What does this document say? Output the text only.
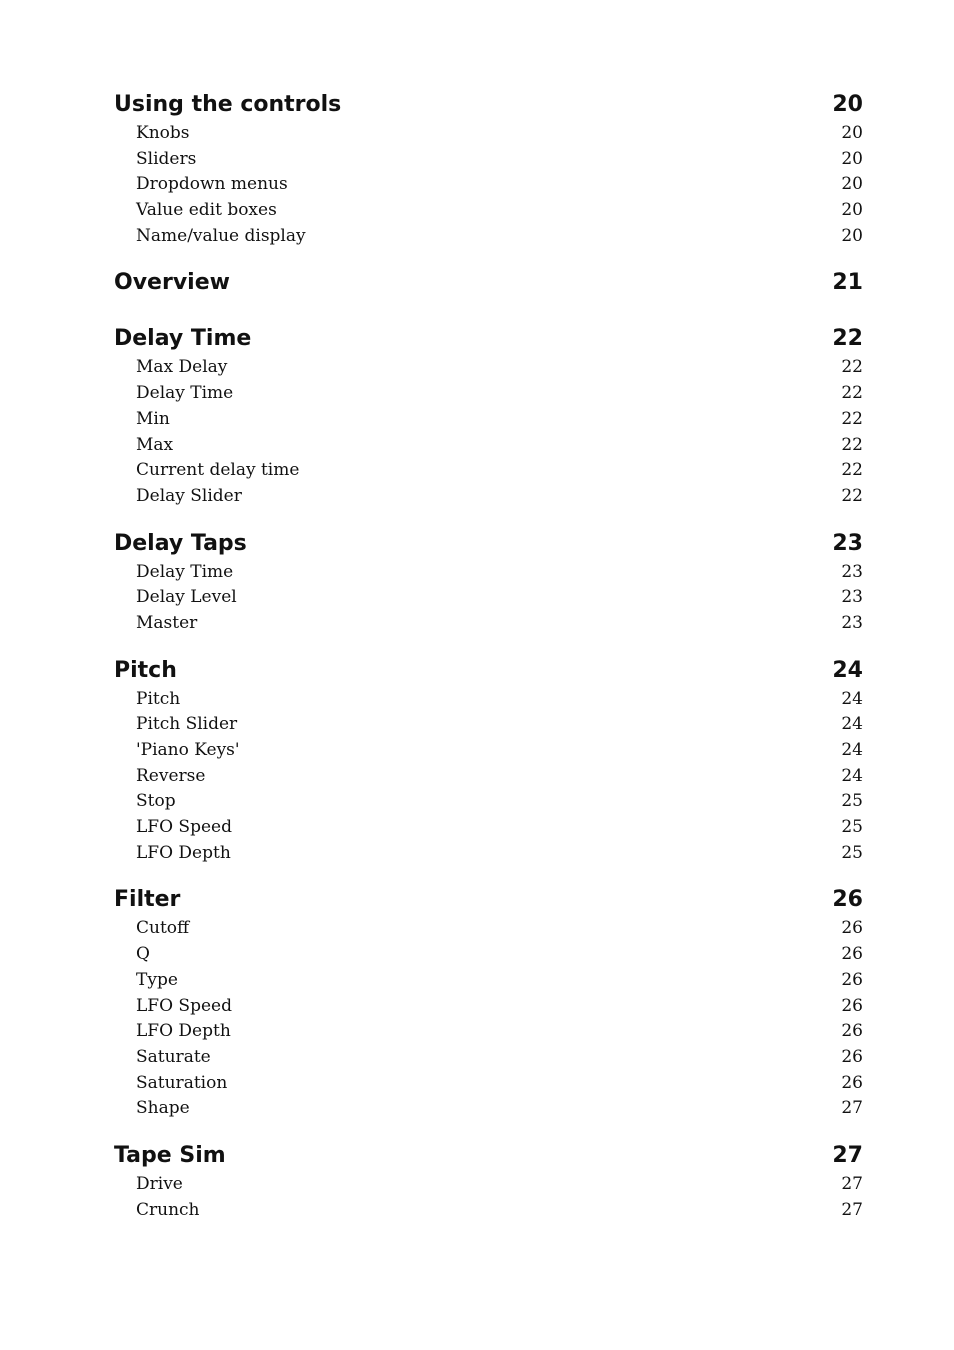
Using the controls	20
Knobs	20
Sliders	20
Dropdown menus	20
Value edit boxes	20
Name/value display	20
Overview	21
Delay Time	22
Max Delay	22
Delay Time	22
Min	22
Max	22
Current delay time	22
Delay Slider	22
Delay Taps	23
Delay Time	23
Delay Level	23
Master	23
Pitch	24
Pitch	24
Pitch Slider	24
'Piano Keys'	24
Reverse	24
Stop	25
LFO Speed	25
LFO Depth	25
Filter	26
Cutoff	26
Q	26
Type	26
LFO Speed	26
LFO Depth	26
Saturate	26
Saturation	26
Shape	27
Tape Sim	27
Drive	27
Crunch	27
